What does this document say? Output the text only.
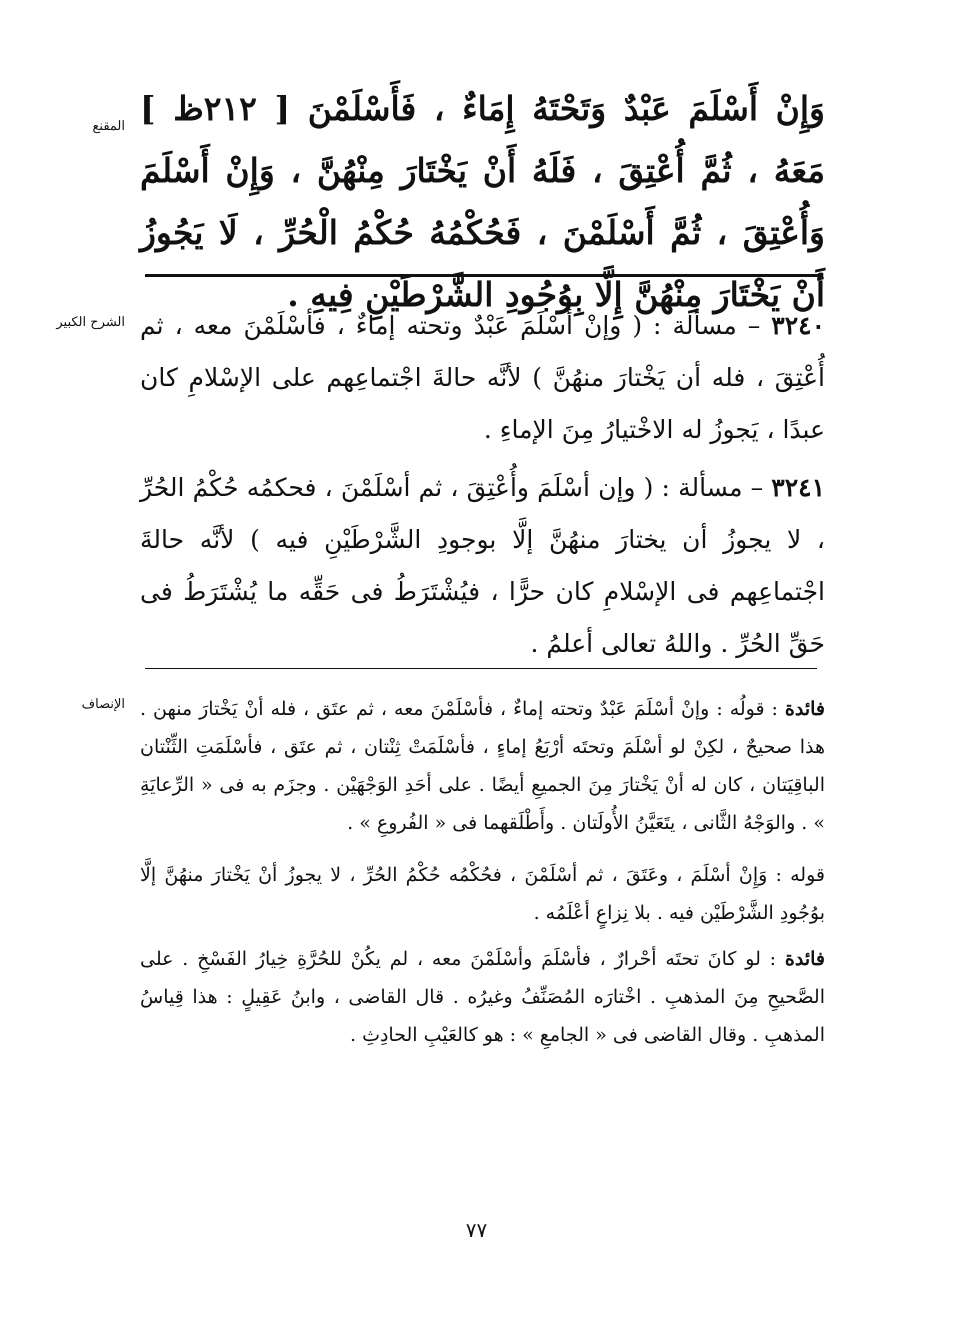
المقنع وَإِنْ أَسْلَمَ عَبْدٌ وَتَحْتَهُ إِمَاءٌ ، فَأَسْلَمْنَ [ ٢١٢ظ ] مَعَهُ ، ثُمَّ أُعْتِقَ ، فَلَهُ أَنْ يَخْتَارَ مِنْهُنَّ ، وَإِنْ أَسْلَمَ وَأُعْتِقَ ، ثُمَّ أَسْلَمْنَ ، فَحُكْمُهُ حُكْمُ الْحُرِّ ، لَا يَجُوزُ أَنْ يَخْتَارَ مِنْهُنَّ إِلَّا بِوُجُودِ الشَّرْطَيْنِ فِيهِ .

الشرح الكبير	٣٢٤٠ – مسألة : ( وإنْ أسْلَمَ عَبْدٌ وتحته إماءٌ ، فأسْلَمْنَ معه ، ثم أُعْتِقَ ، فله أن يَخْتارَ منهُنَّ ) لأنَّه حالةَ اجْتماعِهم على الإسْلامِ كان عبدًا ، يَجوزُ له الاخْتيارُ مِنَ الإماءِ .

٣٢٤١ – مسألة : ( وإن أسْلَمَ وأُعْتِقَ ، ثم أسْلَمْنَ ، فحكمُه حُكْمُ الحُرِّ ، لا يجوزُ أن يختارَ منهُنَّ إلَّا بوجودِ الشَّرْطَيْنِ فيه ) لأنَّه حالةَ اجْتماعِهم فى الإسْلامِ كان حرًّا ، فيُشْتَرَطُ فى حَقِّه ما يُشْتَرَطُ فى حَقِّ الحُرِّ . واللهُ تعالى أعلمُ .

الإنصاف	فائدة : قولُه : وإنْ أسْلَمَ عَبْدٌ وتحته إماءٌ ، فأسْلَمْنَ معه ، ثم عتَق ، فله أنْ يَخْتارَ منهن . هذا صحيحٌ ، لكِنْ لو أسْلَمَ وتحتَه أرْبَعُ إماءٍ ، فأسْلَمَتْ ثِنْتان ، ثم عتَق ، فأسْلَمَتِ الثِّنْتان الباقِيَتان ، كان له أنْ يَخْتارَ مِنَ الجميعِ أيضًا . على أحَدِ الوَجْهَيْن . وجزَم به فى « الرِّعايَةِ » . والوَجْهُ الثَّانى ، يتَعَيَّنُ الأُولَتان . وأَطْلَقهما فى « الفُروعِ » .

قوله : وَإِنْ أسْلَمَ ، وعَتَقَ ، ثم أسْلَمْنَ ، فحُكْمُه حُكْمُ الحُرِّ ، لا يجوزُ أنْ يَخْتارَ منهُنَّ إلَّا بوُجُودِ الشَّرْطَيْن فيه . بلا نِزاعٍ أعْلَمُه .

فائدة : لو كانَ تحتَه أحْرارٌ ، فأسْلَمَ وأسْلَمْنَ معه ، لم يكُنْ للحُرَّةِ خِيارُ الفَسْخِ . على الصَّحيحِ مِنَ المذهبِ . اخْتارَه المُصَنِّفُ وغيرُه . قال القاضى ، وابنُ عَقِيلٍ : هذا قِياسُ المذهبِ . وقال القاضى فى « الجامعِ » : هو كالعَيْبِ الحادِثِ .

٧٧
